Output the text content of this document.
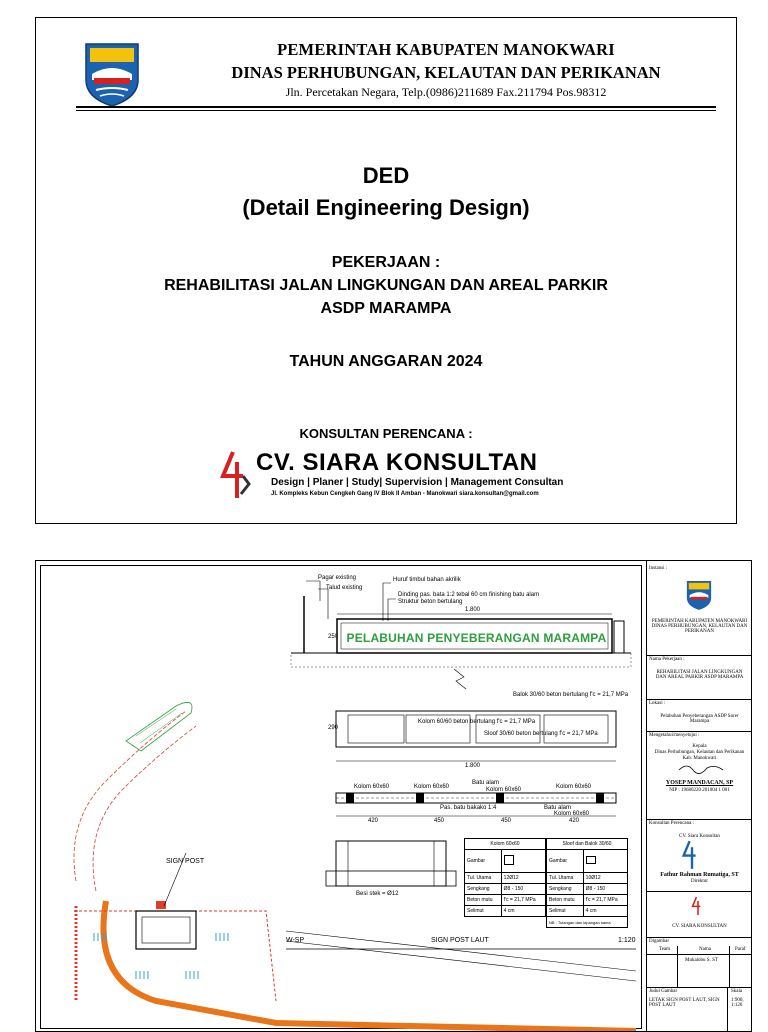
PEMERINTAH KABUPATEN MANOKWARI
DINAS PERHUBUNGAN, KELAUTAN DAN PERIKANAN
Jln. Percetakan Negara, Telp.(0986)211689 Fax.211794 Pos.98312
DED
(Detail Engineering Design)
PEKERJAAN :
REHABILITASI JALAN LINGKUNGAN DAN AREAL PARKIR
ASDP MARAMPA
TAHUN ANGGARAN 2024
KONSULTAN PERENCANA :
CV. SIARA KONSULTAN
Design | Planer | Study| Supervision | Management Consultan
Jl. Kompleks Kebun Cengkeh Gang IV Blok II Amban - Manokwari siara.konsultan@gmail.com
Pagar existing
Talud existing
Huruf timbul bahan akrilik
Dinding pas. bata 1:2 tebal 60 cm finishing batu alam
Struktur beton bertulang
1.800
250 PELABUHAN PENYEBERANGAN MARAMPA
Balok 30/60 beton bertulang f'c = 21,7 MPa
Kolom 60/60 beton bertulang f'c = 21,7 MPa
Sloof 30/60 beton bertulang f'c = 21,7 MPa
290
1.800
Kolom 60x60	Kolom 60x60
Batu alam
Kolom 60x60	Kolom 60x60
Pas. batu bakako 1:4	Batu alam
Kolom 60x60
420	450	450	420
Besi stek = Ø12
SIGN POST
W-SP	SIGN POST LAUT	1:120
Kolom 60x60	
Gambar	
Tul. Utama	12Ø12
Sengkang	Ø8 - 150
Beton mutu	f'c = 21,7 MPa
Selimut	4 cm
Sloof dan Balok 30/60	
Gambar	
Tul. Utama	10Ø12
Sengkang	Ø8 - 150
Beton mutu	f'c = 21,7 MPa
Selimut	4 cm
NB : Tulangan dan lapangan sama	
Instansi :
PEMERINTAH KABUPATEN MANOKWARI DINAS PERHUBUNGAN, KELAUTAN DAN PERIKANAN
Nama Pekerjaan :
REHABILITASI JALAN LINGKUNGAN DAN AREAL PARKIR ASDP MARAMPA
Lokasi :
Pelabuhan Penyeberangan ASDP Sorer Marampa
Mengetahui/menyetujui :
Kepala
Dinas Perhubungan, Kelautan dan Perikanan
Kab. Manokwari
YOSEP MANDACAN, SP
NIP : 19680220 201004 1 001
Konsultan Perencana :
CV. Siara Konsultan
Fathur Rahman Rumatiga, ST
Direktur
CV. SIARA KONSULTAN
Digambar
Team	Nama	Paraf
Mukalobu S. ST
Judul Gambar	Skala
LETAK SIGN POST LAUT, SIGN POST LAUT
1:900, 1:120
